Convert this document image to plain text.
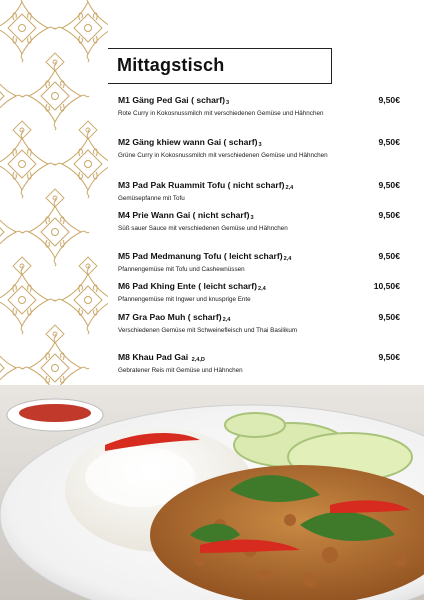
Mittagstisch
M1 Gäng Ped Gai ( scharf)3	9,50€
Rote Curry in Kokosnussmilch mit verschiedenen Gemüse und Hähnchen
M2 Gäng khiew wann Gai ( scharf)3	9,50€
Grüne Curry in Kokosnussmilch mit verschiedenen Gemüse und Hähnchen
M3 Pad Pak Ruammit Tofu ( nicht scharf)2,4	9,50€
Gemüsepfanne mit Tofu
M4 Prie Wann Gai ( nicht scharf)3	9,50€
Süß sauer Sauce mit verschiedenen Gemüse und Hähnchen
M5 Pad Medmanung Tofu ( leicht scharf)2,4	9,50€
Pfannengemüse mit Tofu und Cashewnüssen
M6 Pad Khing Ente ( leicht scharf)2,4	10,50€
Pfannengemüse mit Ingwer und knusprige Ente
M7 Gra Pao Muh ( scharf)2,4	9,50€
Verschiedenen Gemüse mit Schweinefleisch und Thai Basilikum
M8 Khau Pad Gai 2,4,D	9,50€
Gebratener Reis mit Gemüse und Hähnchen
